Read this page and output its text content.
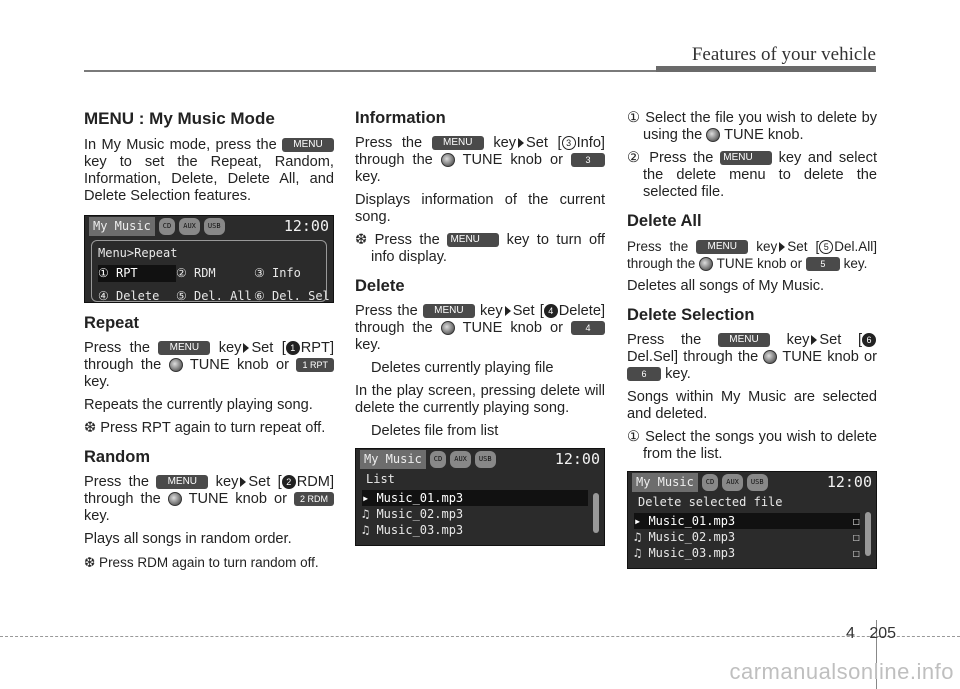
Features of your vehicle
MENU : My Music Mode

In My Music mode, press the MENU key to set the Repeat, Random, Information, Delete, Delete All, and Delete Selection features.

My Music	CD	AUX	USB	12:00
Menu>Repeat
① RPT	② RDM	③ Info
④ Delete	⑤ Del. All ⑥ Del. Sel
Repeat

Press the MENU key Set [ 1 RPT] through the TUNE knob or 1 RPT key.

Repeats the currently playing song.

❆ Press RPT again to turn repeat off.

Random

Press the MENU key Set [ 2 RDM] through the TUNE knob or 2 RDM key.

Plays all songs in random order.

❆ Press RDM again to turn random off.

Information

Press the MENU key Set [ 3 Info] through the TUNE knob or	3 key.

Displays information of the current song.

❆ Press the MENU key to turn off info display.

Delete

Press the MENU key Set [ 4 Delete] through the TUNE knob or	4 key.

Deletes currently playing file

In the play screen, pressing delete will delete the currently playing song.

Deletes file from list

My Music	CD	AUX	USB	12:00
List
▸ Music_01.mp3
♫ Music_02.mp3
♫ Music_03.mp3

① Select the file you wish to delete by using the TUNE knob.

② Press the MENU key and select the delete menu to delete the selected file.

Delete All

Press the MENU key Set [ 5 Del.All] through the TUNE knob or 5 key.

Deletes all songs of My Music.

Delete Selection

Press the	MENU key Set [ 6Del.Sel] through the TUNE knob or 6 key.

Songs within My Music are selected and deleted.

① Select the songs you wish to delete from the list.

My Music	CD	AUX	USB	12:00
Delete selected file
▸ Music_01.mp3	☐
♫ Music_02.mp3	☐
♫ Music_03.mp3	☐
4 205
carmanualsonline.info
